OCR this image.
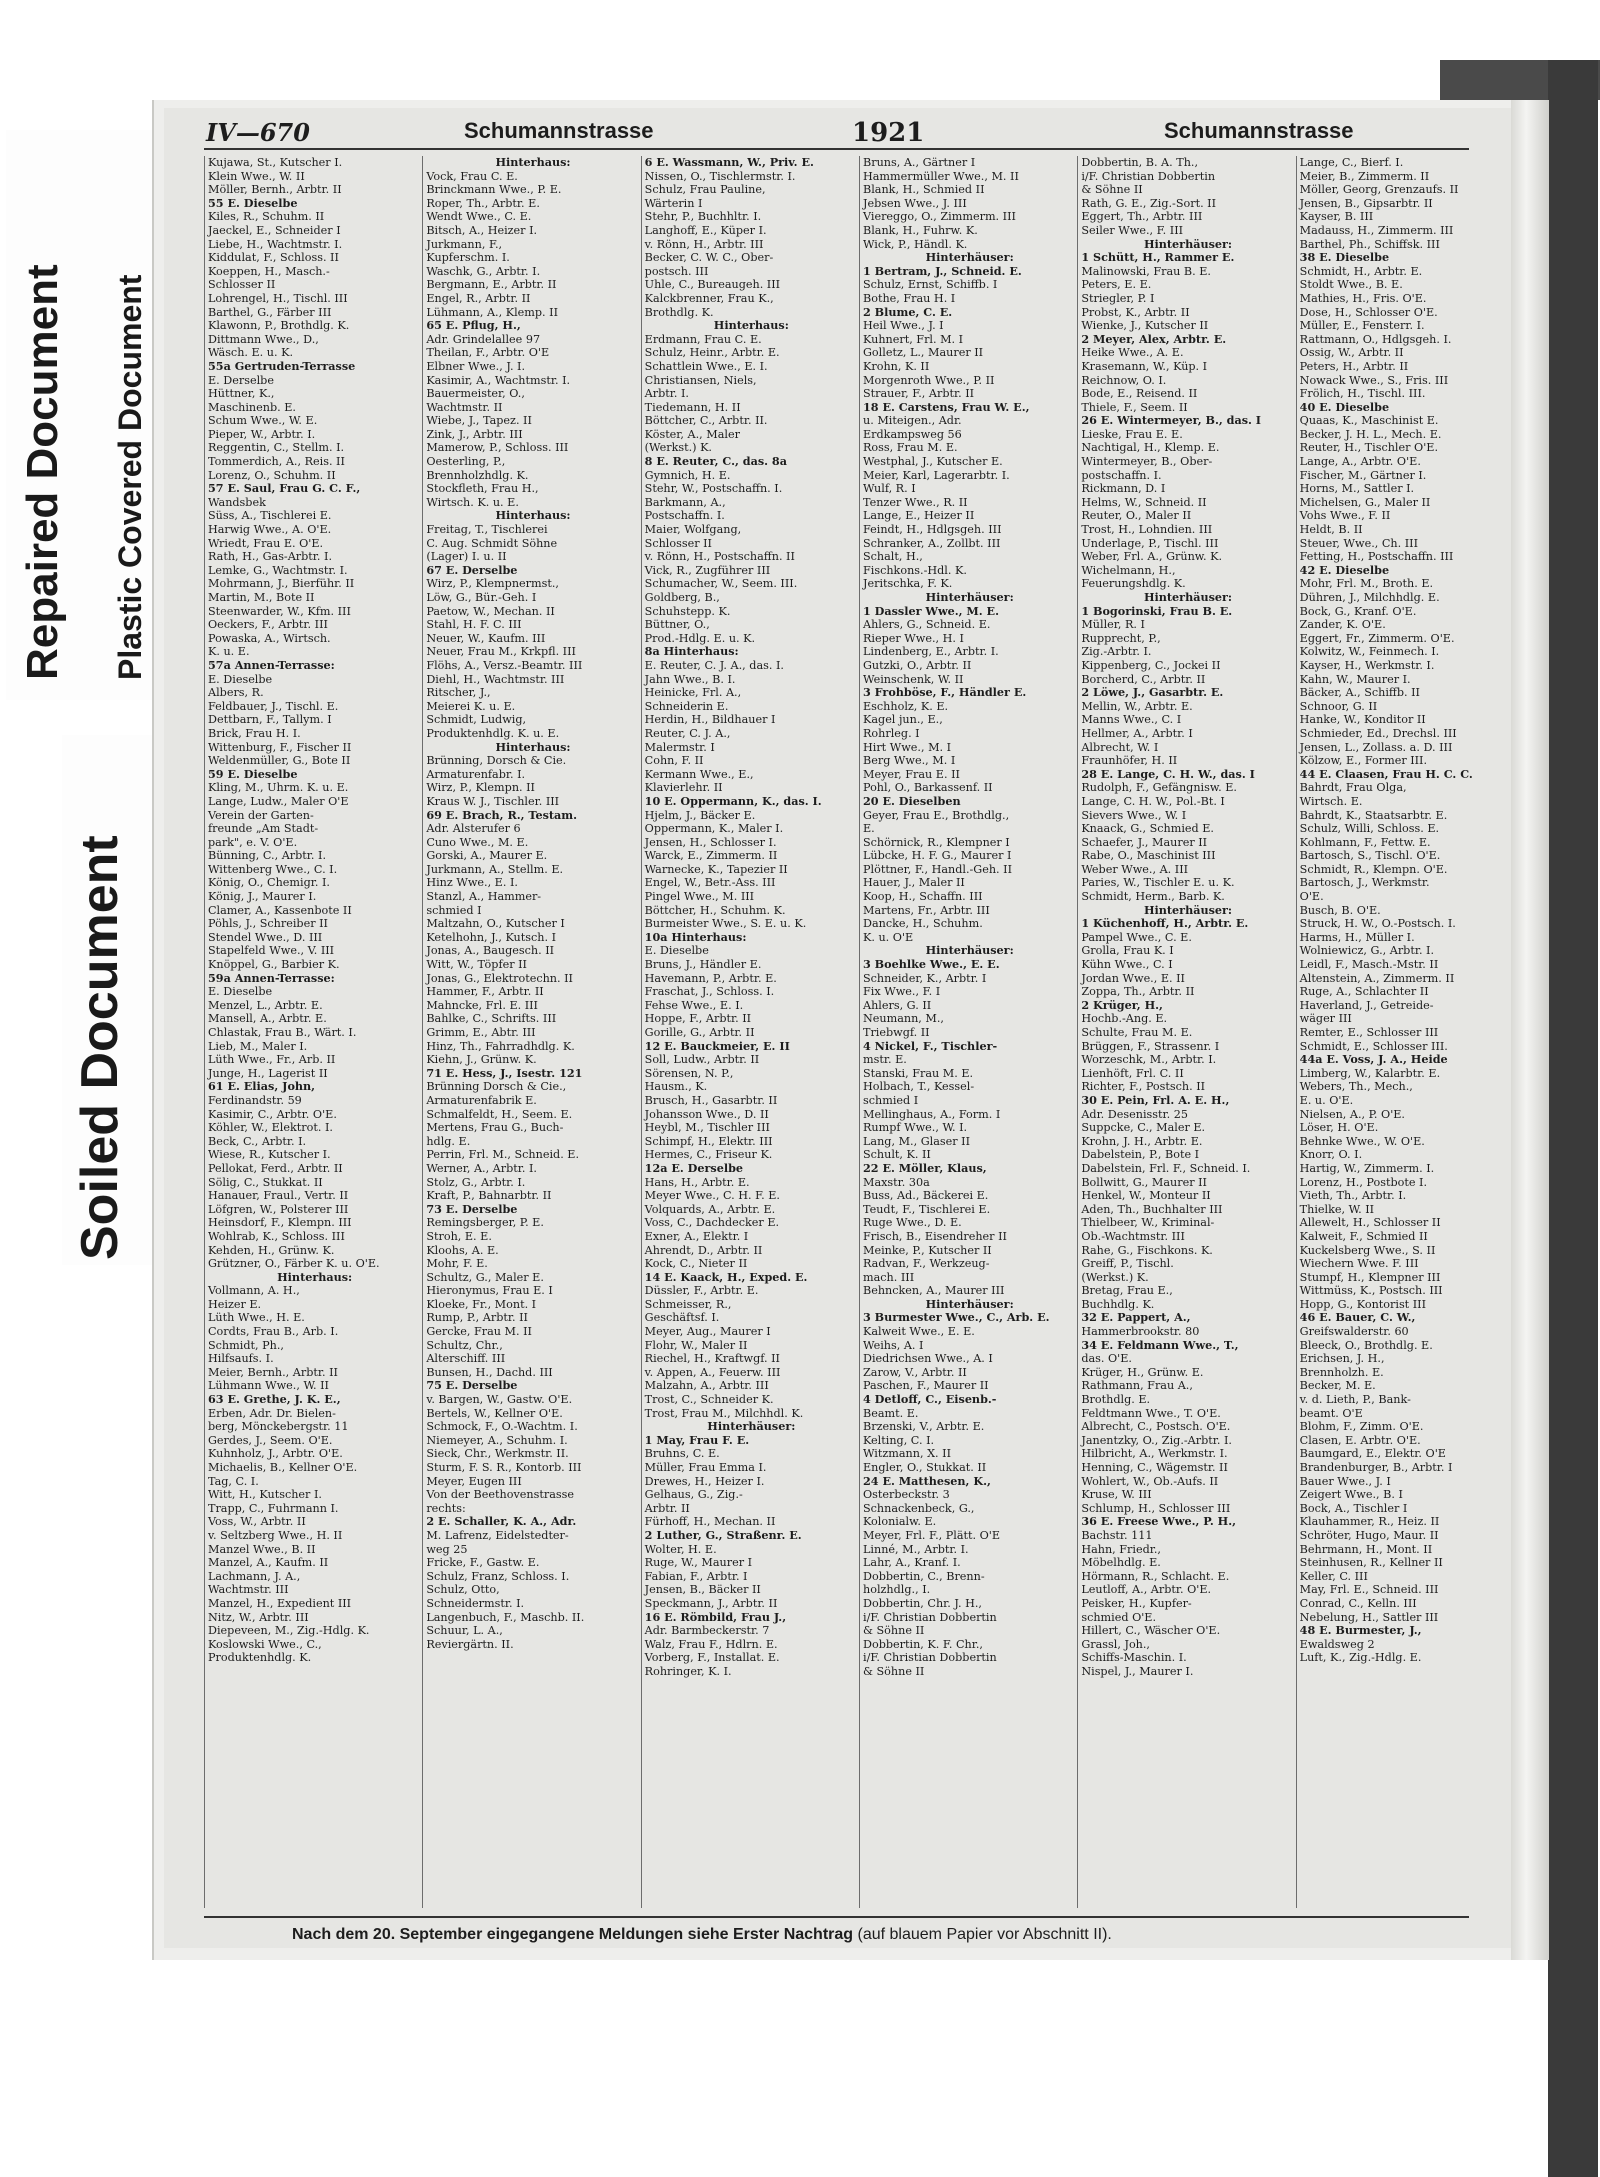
Repaired Document Plastic Covered Document
Soiled Document
IV—670	Schumannstrasse	1921	Schumannstrasse
Kujawa, St., Kutscher I.
Klein Wwe., W. II
Möller, Bernh., Arbtr. II
55 E. Dieselbe
Kiles, R., Schuhm. II
Jaeckel, E., Schneider I
Liebe, H., Wachtmstr. I.
Kiddulat, F., Schloss. II
Koeppen, H., Masch.-
Schlosser II
Lohrengel, H., Tischl. III
Barthel, G., Färber III
Klawonn, P., Brothdlg. K.
Dittmann Wwe., D.,
Wäsch. E. u. K.
55a Gertruden-Terrasse
E. Derselbe
Hüttner, K.,
Maschinenb. E.
Schum Wwe., W. E.
Pieper, W., Arbtr. I.
Reggentin, C., Stellm. I.
Tommerdich, A., Reis. II
Lorenz, O., Schuhm. II
57 E. Saul, Frau G. C. F.,
Wandsbek
Süss, A., Tischlerei E.
Harwig Wwe., A. O'E.
Wriedt, Frau E. O'E.
Rath, H., Gas-Arbtr. I.
Lemke, G., Wachtmstr. I.
Mohrmann, J., Bierführ. II
Martin, M., Bote II
Steenwarder, W., Kfm. III
Oeckers, F., Arbtr. III
Powaska, A., Wirtsch.
K. u. E.
57a Annen-Terrasse:
E. Dieselbe
Albers, R.
Feldbauer, J., Tischl. E.
Dettbarn, F., Tallym. I
Brick, Frau H. I.
Wittenburg, F., Fischer II
Weldenmüller, G., Bote II
59 E. Dieselbe
Kling, M., Uhrm. K. u. E.
Lange, Ludw., Maler O'E
Verein der Garten-
freunde „Am Stadt-
park", e. V. O'E.
Bünning, C., Arbtr. I.
Wittenberg Wwe., C. I.
König, O., Chemigr. I.
König, J., Maurer I.
Clamer, A., Kassenbote II
Pöhls, J., Schreiber II
Stendel Wwe., D. III
Stapelfeld Wwe., V. III
Knöppel, G., Barbier K.
59a Annen-Terrasse:
E. Dieselbe
Menzel, L., Arbtr. E.
Mansell, A., Arbtr. E.
Chlastak, Frau B., Wärt. I.
Lieb, M., Maler I.
Lüth Wwe., Fr., Arb. II
Junge, H., Lagerist II
61 E. Elias, John,
Ferdinandstr. 59
Kasimir, C., Arbtr. O'E.
Köhler, W., Elektrot. I.
Beck, C., Arbtr. I.
Wiese, R., Kutscher I.
Pellokat, Ferd., Arbtr. II
Sölig, C., Stukkat. II
Hanauer, Fraul., Vertr. II
Löfgren, W., Polsterer III
Heinsdorf, F., Klempn. III
Wohlrab, K., Schloss. III
Kehden, H., Grünw. K.
Grützner, O., Färber K. u. O'E.
Hinterhaus:
Vollmann, A. H.,
Heizer E.
Lüth Wwe., H. E.
Cordts, Frau B., Arb. I.
Schmidt, Ph.,
Hilfsaufs. I.
Meier, Bernh., Arbtr. II
Lühmann Wwe., W. II
63 E. Grethe, J. K. E.,
Erben, Adr. Dr. Bielen-
berg, Mönckebergstr. 11
Gerdes, J., Seem. O'E.
Kuhnholz, J., Arbtr. O'E.
Michaelis, B., Kellner O'E.
Tag, C. I.
Witt, H., Kutscher I.
Trapp, C., Fuhrmann I.
Voss, W., Arbtr. II
v. Seltzberg Wwe., H. II
Manzel Wwe., B. II
Manzel, A., Kaufm. II
Lachmann, J. A.,
Wachtmstr. III
Manzel, H., Expedient III
Nitz, W., Arbtr. III
Diepeveen, M., Zig.-Hdlg. K.
Koslowski Wwe., C.,
Produktenhdlg. K.
Hinterhaus:
Vock, Frau C. E.
Brinckmann Wwe., P. E.
Roper, Th., Arbtr. E.
Wendt Wwe., C. E.
Bitsch, A., Heizer I.
Jurkmann, F.,
Kupferschm. I.
Waschk, G., Arbtr. I.
Bergmann, E., Arbtr. II
Engel, R., Arbtr. II
Lühmann, A., Klemp. II
65 E. Pflug, H.,
Adr. Grindelallee 97
Theilan, F., Arbtr. O'E
Elbner Wwe., J. I.
Kasimir, A., Wachtmstr. I.
Bauermeister, O.,
Wachtmstr. II
Wiebe, J., Tapez. II
Zink, J., Arbtr. III
Mamerow, P., Schloss. III
Oesterling, P.,
Brennholzhdlg. K.
Stockfleth, Frau H.,
Wirtsch. K. u. E.
Hinterhaus:
Freitag, T., Tischlerei
C. Aug. Schmidt Söhne
(Lager) I. u. II
67 E. Derselbe
Wirz, P., Klempnermst.,
Löw, G., Bür.-Geh. I
Paetow, W., Mechan. II
Stahl, H. F. C. III
Neuer, W., Kaufm. III
Neuer, Frau M., Krkpfl. III
Flöhs, A., Versz.-Beamtr. III
Diehl, H., Wachtmstr. III
Ritscher, J.,
Meierei K. u. E.
Schmidt, Ludwig,
Produktenhdlg. K. u. E.
Hinterhaus:
Brünning, Dorsch & Cie.
Armaturenfabr. I.
Wirz, P., Klempn. II
Kraus W. J., Tischler. III
69 E. Brach, R., Testam.
Adr. Alsterufer 6
Cuno Wwe., M. E.
Gorski, A., Maurer E.
Jurkmann, A., Stellm. E.
Hinz Wwe., E. I.
Stanzl, A., Hammer-
schmied I
Maltzahn, O., Kutscher I
Ketelhohn, J., Kutsch. I
Jonas, A., Baugesch. II
Witt, W., Töpfer II
Jonas, G., Elektrotechn. II
Hammer, F., Arbtr. II
Mahncke, Frl. E. III
Bahlke, C., Schrifts. III
Grimm, E., Abtr. III
Hinz, Th., Fahrradhdlg. K.
Kiehn, J., Grünw. K.
71 E. Hess, J., Isestr. 121
Brünning Dorsch & Cie.,
Armaturenfabrik E.
Schmalfeldt, H., Seem. E.
Mertens, Frau G., Buch-
hdlg. E.
Perrin, Frl. M., Schneid. E.
Werner, A., Arbtr. I.
Stolz, G., Arbtr. I.
Kraft, P., Bahnarbtr. II
73 E. Derselbe
Remingsberger, P. E.
Stroh, E. E.
Kloohs, A. E.
Mohr, F. E.
Schultz, G., Maler E.
Hieronymus, Frau E. I
Kloeke, Fr., Mont. I
Rump, P., Arbtr. II
Gercke, Frau M. II
Schultz, Chr.,
Alterschiff. III
Bunsen, H., Dachd. III
75 E. Derselbe
v. Bargen, W., Gastw. O'E.
Bertels, W., Kellner O'E.
Schmock, F., O.-Wachtm. I.
Niemeyer, A., Schuhm. I.
Sieck, Chr., Werkmstr. II.
Sturm, F. S. R., Kontorb. III
Meyer, Eugen III
Von der Beethovenstrasse
rechts:
2 E. Schaller, K. A., Adr.
M. Lafrenz, Eidelstedter-
weg 25
Fricke, F., Gastw. E.
Schulz, Franz, Schloss. I.
Schulz, Otto,
Schneidermstr. I.
Langenbuch, F., Maschb. II.
Schuur, L. A.,
Reviergärtn. II.
6 E. Wassmann, W., Priv. E.
Nissen, O., Tischlermstr. I.
Schulz, Frau Pauline,
Wärterin I
Stehr, P., Buchhltr. I.
Langhoff, E., Küper I.
v. Rönn, H., Arbtr. III
Becker, C. W. C., Ober-
postsch. III
Uhle, C., Bureaugeh. III
Kalckbrenner, Frau K.,
Brothdlg. K.
Hinterhaus:
Erdmann, Frau C. E.
Schulz, Heinr., Arbtr. E.
Schattlein Wwe., E. I.
Christiansen, Niels,
Arbtr. I.
Tiedemann, H. II
Böttcher, C., Arbtr. II.
Köster, A., Maler
(Werkst.) K.
8 E. Reuter, C., das. 8a
Gymnich, H. E.
Stehr, W., Postschaffn. I.
Barkmann, A.,
Postschaffn. I.
Maier, Wolfgang,
Schlosser II
v. Rönn, H., Postschaffn. II
Vick, R., Zugführer III
Schumacher, W., Seem. III.
Goldberg, B.,
Schuhstepp. K.
Büttner, O.,
Prod.-Hdlg. E. u. K.
8a Hinterhaus:
E. Reuter, C. J. A., das. I.
Jahn Wwe., B. I.
Heinicke, Frl. A.,
Schneiderin E.
Herdin, H., Bildhauer I
Reuter, C. J. A.,
Malermstr. I
Cohn, F. II
Kermann Wwe., E.,
Klavierlehr. II
10 E. Oppermann, K., das. I.
Hjelm, J., Bäcker E.
Oppermann, K., Maler I.
Jensen, H., Schlosser I.
Warck, E., Zimmerm. II
Warnecke, K., Tapezier II
Engel, W., Betr.-Ass. III
Pingel Wwe., M. III
Böttcher, H., Schuhm. K.
Burmeister Wwe., S. E. u. K.
10a Hinterhaus:
E. Dieselbe
Bruns, J., Händler E.
Havemann, P., Arbtr. E.
Fraschat, J., Schloss. I.
Fehse Wwe., E. I.
Hoppe, F., Arbtr. II
Gorille, G., Arbtr. II
12 E. Bauckmeier, E. II
Soll, Ludw., Arbtr. II
Sörensen, N. P.,
Hausm., K.
Brusch, H., Gasarbtr. II
Johansson Wwe., D. II
Heybl, M., Tischler III
Schimpf, H., Elektr. III
Hermes, C., Friseur K.
12a E. Derselbe
Hans, H., Arbtr. E.
Meyer Wwe., C. H. F. E.
Volquards, A., Arbtr. E.
Voss, C., Dachdecker E.
Exner, A., Elektr. I
Ahrendt, D., Arbtr. II
Kock, C., Nieter II
14 E. Kaack, H., Exped. E.
Düssler, F., Arbtr. E.
Schmeisser, R.,
Geschäftsf. I.
Meyer, Aug., Maurer I
Flohr, W., Maler II
Riechel, H., Kraftwgf. II
v. Appen, A., Feuerw. III
Malzahn, A., Arbtr. III
Trost, C., Schneider K.
Trost, Frau M., Milchhdl. K.
Hinterhäuser:
1 May, Frau F. E.
Bruhns, C. E.
Müller, Frau Emma I.
Drewes, H., Heizer I.
Gelhaus, G., Zig.-
Arbtr. II
Fürhoff, H., Mechan. II
2 Luther, G., Straßenr. E.
Wolter, H. E.
Ruge, W., Maurer I
Fabian, F., Arbtr. I
Jensen, B., Bäcker II
Speckmann, J., Arbtr. II
16 E. Römbild, Frau J.,
Adr. Barmbeckerstr. 7
Walz, Frau F., Hdlrn. E.
Vorberg, F., Installat. E.
Rohringer, K. I.
Bruns, A., Gärtner I
Hammermüller Wwe., M. II
Blank, H., Schmied II
Jebsen Wwe., J. III
Viereggo, O., Zimmerm. III
Blank, H., Fuhrw. K.
Wick, P., Händl. K.
Hinterhäuser:
1 Bertram, J., Schneid. E.
Schulz, Ernst, Schiffb. I
Bothe, Frau H. I
2 Blume, C. E.
Heil Wwe., J. I
Kuhnert, Frl. M. I
Golletz, L., Maurer II
Krohn, K. II
Morgenroth Wwe., P. II
Strauer, F., Arbtr. II
18 E. Carstens, Frau W. E.,
u. Miteigen., Adr.
Erdkampsweg 56
Ross, Frau M. E.
Westphal, J., Kutscher E.
Meier, Karl, Lagerarbtr. I.
Wulf, R. I
Tenzer Wwe., R. II
Lange, E., Heizer II
Feindt, H., Hdlgsgeh. III
Schranker, A., Zollbt. III
Schalt, H.,
Fischkons.-Hdl. K.
Jeritschka, F. K.
Hinterhäuser:
1 Dassler Wwe., M. E.
Ahlers, G., Schneid. E.
Rieper Wwe., H. I
Lindenberg, E., Arbtr. I.
Gutzki, O., Arbtr. II
Weinschenk, W. II
3 Frohböse, F., Händler E.
Eschholz, K. E.
Kagel jun., E.,
Rohrleg. I
Hirt Wwe., M. I
Berg Wwe., M. I
Meyer, Frau E. II
Pohl, O., Barkassenf. II
20 E. Dieselben
Geyer, Frau E., Brothdlg.,
E.
Schörnick, R., Klempner I
Lübcke, H. F. G., Maurer I
Plöttner, F., Handl.-Geh. II
Hauer, J., Maler II
Koop, H., Schaffn. III
Martens, Fr., Arbtr. III
Dancke, H., Schuhm.
K. u. O'E
Hinterhäuser:
3 Boehlke Wwe., E. E.
Schneider, K., Arbtr. I
Fix Wwe., F. I
Ahlers, G. II
Neumann, M.,
Triebwgf. II
4 Nickel, F., Tischler-
mstr. E.
Stanski, Frau M. E.
Holbach, T., Kessel-
schmied I
Mellinghaus, A., Form. I
Rumpf Wwe., W. I.
Lang, M., Glaser II
Schult, K. II
22 E. Möller, Klaus,
Maxstr. 30a
Buss, Ad., Bäckerei E.
Teudt, F., Tischlerei E.
Ruge Wwe., D. E.
Frisch, B., Eisendreher II
Meinke, P., Kutscher II
Radvan, F., Werkzeug-
mach. III
Behncken, A., Maurer III
Hinterhäuser:
3 Burmester Wwe., C., Arb. E.
Kalweit Wwe., E. E.
Weihs, A. I
Diedrichsen Wwe., A. I
Zarow, V., Arbtr. II
Paschen, F., Maurer II
4 Detloff, C., Eisenb.-
Beamt. E.
Brzenski, V., Arbtr. E.
Kelting, C. I.
Witzmann, X. II
Engler, O., Stukkat. II
24 E. Matthesen, K.,
Osterbeckstr. 3
Schnackenbeck, G.,
Kolonialw. E.
Meyer, Frl. F., Plätt. O'E
Linné, M., Arbtr. I.
Lahr, A., Kranf. I.
Dobbertin, C., Brenn-
holzhdlg., I.
Dobbertin, Chr. J. H.,
i/F. Christian Dobbertin
& Söhne II
Dobbertin, K. F. Chr.,
i/F. Christian Dobbertin
& Söhne II
Dobbertin, B. A. Th.,
i/F. Christian Dobbertin
& Söhne II
Rath, G. E., Zig.-Sort. II
Eggert, Th., Arbtr. III
Seiler Wwe., F. III
Hinterhäuser:
1 Schütt, H., Rammer E.
Malinowski, Frau B. E.
Peters, E. E.
Striegler, P. I
Probst, K., Arbtr. II
Wienke, J., Kutscher II
2 Meyer, Alex, Arbtr. E.
Heike Wwe., A. E.
Krasemann, W., Küp. I
Reichnow, O. I.
Bode, E., Reisend. II
Thiele, F., Seem. II
26 E. Wintermeyer, B., das. I
Lieske, Frau E. E.
Nachtigal, H., Klemp. E.
Wintermeyer, B., Ober-
postschaffn. I.
Rickmann, D. I
Helms, W., Schneid. II
Reuter, O., Maler II
Trost, H., Lohndien. III
Underlage, P., Tischl. III
Weber, Frl. A., Grünw. K.
Wichelmann, H.,
Feuerungshdlg. K.
Hinterhäuser:
1 Bogorinski, Frau B. E.
Müller, R. I
Rupprecht, P.,
Zig.-Arbtr. I.
Kippenberg, C., Jockei II
Borcherd, C., Arbtr. II
2 Löwe, J., Gasarbtr. E.
Mellin, W., Arbtr. E.
Manns Wwe., C. I
Hellmer, A., Arbtr. I
Albrecht, W. I
Fraunhöfer, H. II
28 E. Lange, C. H. W., das. I
Rudolph, F., Gefängnisw. E.
Lange, C. H. W., Pol.-Bt. I
Sievers Wwe., W. I
Knaack, G., Schmied E.
Schaefer, J., Maurer II
Rabe, O., Maschinist III
Weber Wwe., A. III
Paries, W., Tischler E. u. K.
Schmidt, Herm., Barb. K.
Hinterhäuser:
1 Küchenhoff, H., Arbtr. E.
Pampel Wwe., C. E.
Grolla, Frau K. I
Kühn Wwe., C. I
Jordan Wwe., E. II
Zoppa, Th., Arbtr. II
2 Krüger, H.,
Hochb.-Ang. E.
Schulte, Frau M. E.
Brüggen, F., Strassenr. I
Worzeschk, M., Arbtr. I.
Lienhöft, Frl. C. II
Richter, F., Postsch. II
30 E. Pein, Frl. A. E. H.,
Adr. Desenisstr. 25
Suppcke, C., Maler E.
Krohn, J. H., Arbtr. E.
Dabelstein, P., Bote I
Dabelstein, Frl. F., Schneid. I.
Bollwitt, G., Maurer II
Henkel, W., Monteur II
Aden, Th., Buchhalter III
Thielbeer, W., Kriminal-
Ob.-Wachtmstr. III
Rahe, G., Fischkons. K.
Greiff, P., Tischl.
(Werkst.) K.
Bretag, Frau E.,
Buchhdlg. K.
32 E. Pappert, A.,
Hammerbrookstr. 80
34 E. Feldmann Wwe., T.,
das. O'E.
Krüger, H., Grünw. E.
Rathmann, Frau A.,
Brothdlg. E.
Feldtmann Wwe., T. O'E.
Albrecht, C., Postsch. O'E.
Janentzky, O., Zig.-Arbtr. I.
Hilbricht, A., Werkmstr. I.
Henning, C., Wägemstr. II
Wohlert, W., Ob.-Aufs. II
Kruse, W. III
Schlump, H., Schlosser III
36 E. Freese Wwe., P. H.,
Bachstr. 111
Hahn, Friedr.,
Möbelhdlg. E.
Hörmann, R., Schlacht. E.
Leutloff, A., Arbtr. O'E.
Peisker, H., Kupfer-
schmied O'E.
Hillert, C., Wäscher O'E.
Grassl, Joh.,
Schiffs-Maschin. I.
Nispel, J., Maurer I.
Lange, C., Bierf. I.
Meier, B., Zimmerm. II
Möller, Georg, Grenzaufs. II
Jensen, B., Gipsarbtr. II
Kayser, B. III
Madauss, H., Zimmerm. III
Barthel, Ph., Schiffsk. III
38 E. Dieselbe
Schmidt, H., Arbtr. E.
Stoldt Wwe., B. E.
Mathies, H., Fris. O'E.
Dose, H., Schlosser O'E.
Müller, E., Fensterr. I.
Rattmann, O., Hdlgsgeh. I.
Ossig, W., Arbtr. II
Peters, H., Arbtr. II
Nowack Wwe., S., Fris. III
Frölich, H., Tischl. III.
40 E. Dieselbe
Quaas, K., Maschinist E.
Becker, J. H. L., Mech. E.
Reuter, H., Tischler O'E.
Lange, A., Arbtr. O'E.
Fischer, M., Gärtner I.
Horns, M., Sattler I.
Michelsen, G., Maler II
Vohs Wwe., F. II
Heldt, B. II
Steuer, Wwe., Ch. III
Fetting, H., Postschaffn. III
42 E. Dieselbe
Mohr, Frl. M., Broth. E.
Dühren, J., Milchhdlg. E.
Bock, G., Kranf. O'E.
Zander, K. O'E.
Eggert, Fr., Zimmerm. O'E.
Kolwitz, W., Feinmech. I.
Kayser, H., Werkmstr. I.
Kahn, W., Maurer I.
Bäcker, A., Schiffb. II
Schnoor, G. II
Hanke, W., Konditor II
Schmieder, Ed., Drechsl. III
Jensen, L., Zollass. a. D. III
Kölzow, E., Former III.
44 E. Claasen, Frau H. C. C.
Bahrdt, Frau Olga,
Wirtsch. E.
Bahrdt, K., Staatsarbtr. E.
Schulz, Willi, Schloss. E.
Kohlmann, F., Fettw. E.
Bartosch, S., Tischl. O'E.
Schmidt, R., Klempn. O'E.
Bartosch, J., Werkmstr.
O'E.
Busch, B. O'E.
Struck, H. W., O.-Postsch. I.
Harms, H., Müller I.
Wolniewicz, G., Arbtr. I.
Leidl, F., Masch.-Mstr. II
Altenstein, A., Zimmerm. II
Ruge, A., Schlachter II
Haverland, J., Getreide-
wäger III
Remter, E., Schlosser III
Schmidt, E., Schlosser III.
44a E. Voss, J. A., Heide
Limberg, W., Kalarbtr. E.
Webers, Th., Mech.,
E. u. O'E.
Nielsen, A., P. O'E.
Löser, H. O'E.
Behnke Wwe., W. O'E.
Knorr, O. I.
Hartig, W., Zimmerm. I.
Lorenz, H., Postbote I.
Vieth, Th., Arbtr. I.
Thielke, W. II
Allewelt, H., Schlosser II
Kalweit, F., Schmied II
Kuckelsberg Wwe., S. II
Wiechern Wwe. F. III
Stumpf, H., Klempner III
Wittmüss, K., Postsch. III
Hopp, G., Kontorist III
46 E. Bauer, C. W.,
Greifswalderstr. 60
Bleeck, O., Brothdlg. E.
Erichsen, J. H.,
Brennholzh. E.
Becker, M. E.
v. d. Lieth, P., Bank-
beamt. O'E
Blohm, F., Zimm. O'E.
Clasen, E. Arbtr. O'E.
Baumgard, E., Elektr. O'E
Brandenburger, B., Arbtr. I
Bauer Wwe., J. I
Zeigert Wwe., B. I
Bock, A., Tischler I
Klauhammer, R., Heiz. II
Schröter, Hugo, Maur. II
Behrmann, H., Mont. II
Steinhusen, R., Kellner II
Keller, C. III
May, Frl. E., Schneid. III
Conrad, C., Kelln. III
Nebelung, H., Sattler III
48 E. Burmester, J.,
Ewaldsweg 2
Luft, K., Zig.-Hdlg. E.
Nach dem 20. September eingegangene Meldungen siehe Erster Nachtrag (auf blauem Papier vor Abschnitt II).
